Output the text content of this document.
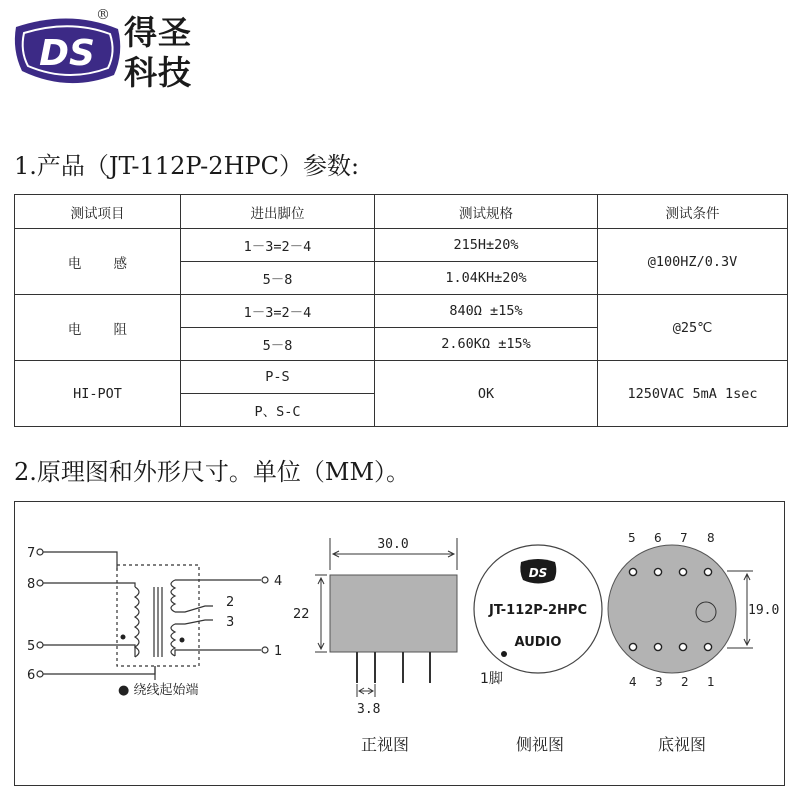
DS
® 得圣
科技
1.产品（JT-112P-2HPC）参数:
测试项目	进出脚位	测试规格	测试条件
电 感	1－3=2－4	215H±20%	@100HZ/0.3V
	5－8	1.04KH±20%	
电 阻	1－3=2－4	840Ω ±15%	@25℃
	5－8	2.60KΩ ±15%	
HI-POT	P-S	OK	1250VAC 5mA 1sec
	P、S-C		
2.原理图和外形尺寸。单位（MM）。
7
8
5
6
4
1
2
3
● 绕线起始端
30.0
22
3.8
正视图
DS
JT-112P-2HPC
AUDIO
1脚
侧视图
19.0
5 6 7 8
4 3 2 1
底视图
